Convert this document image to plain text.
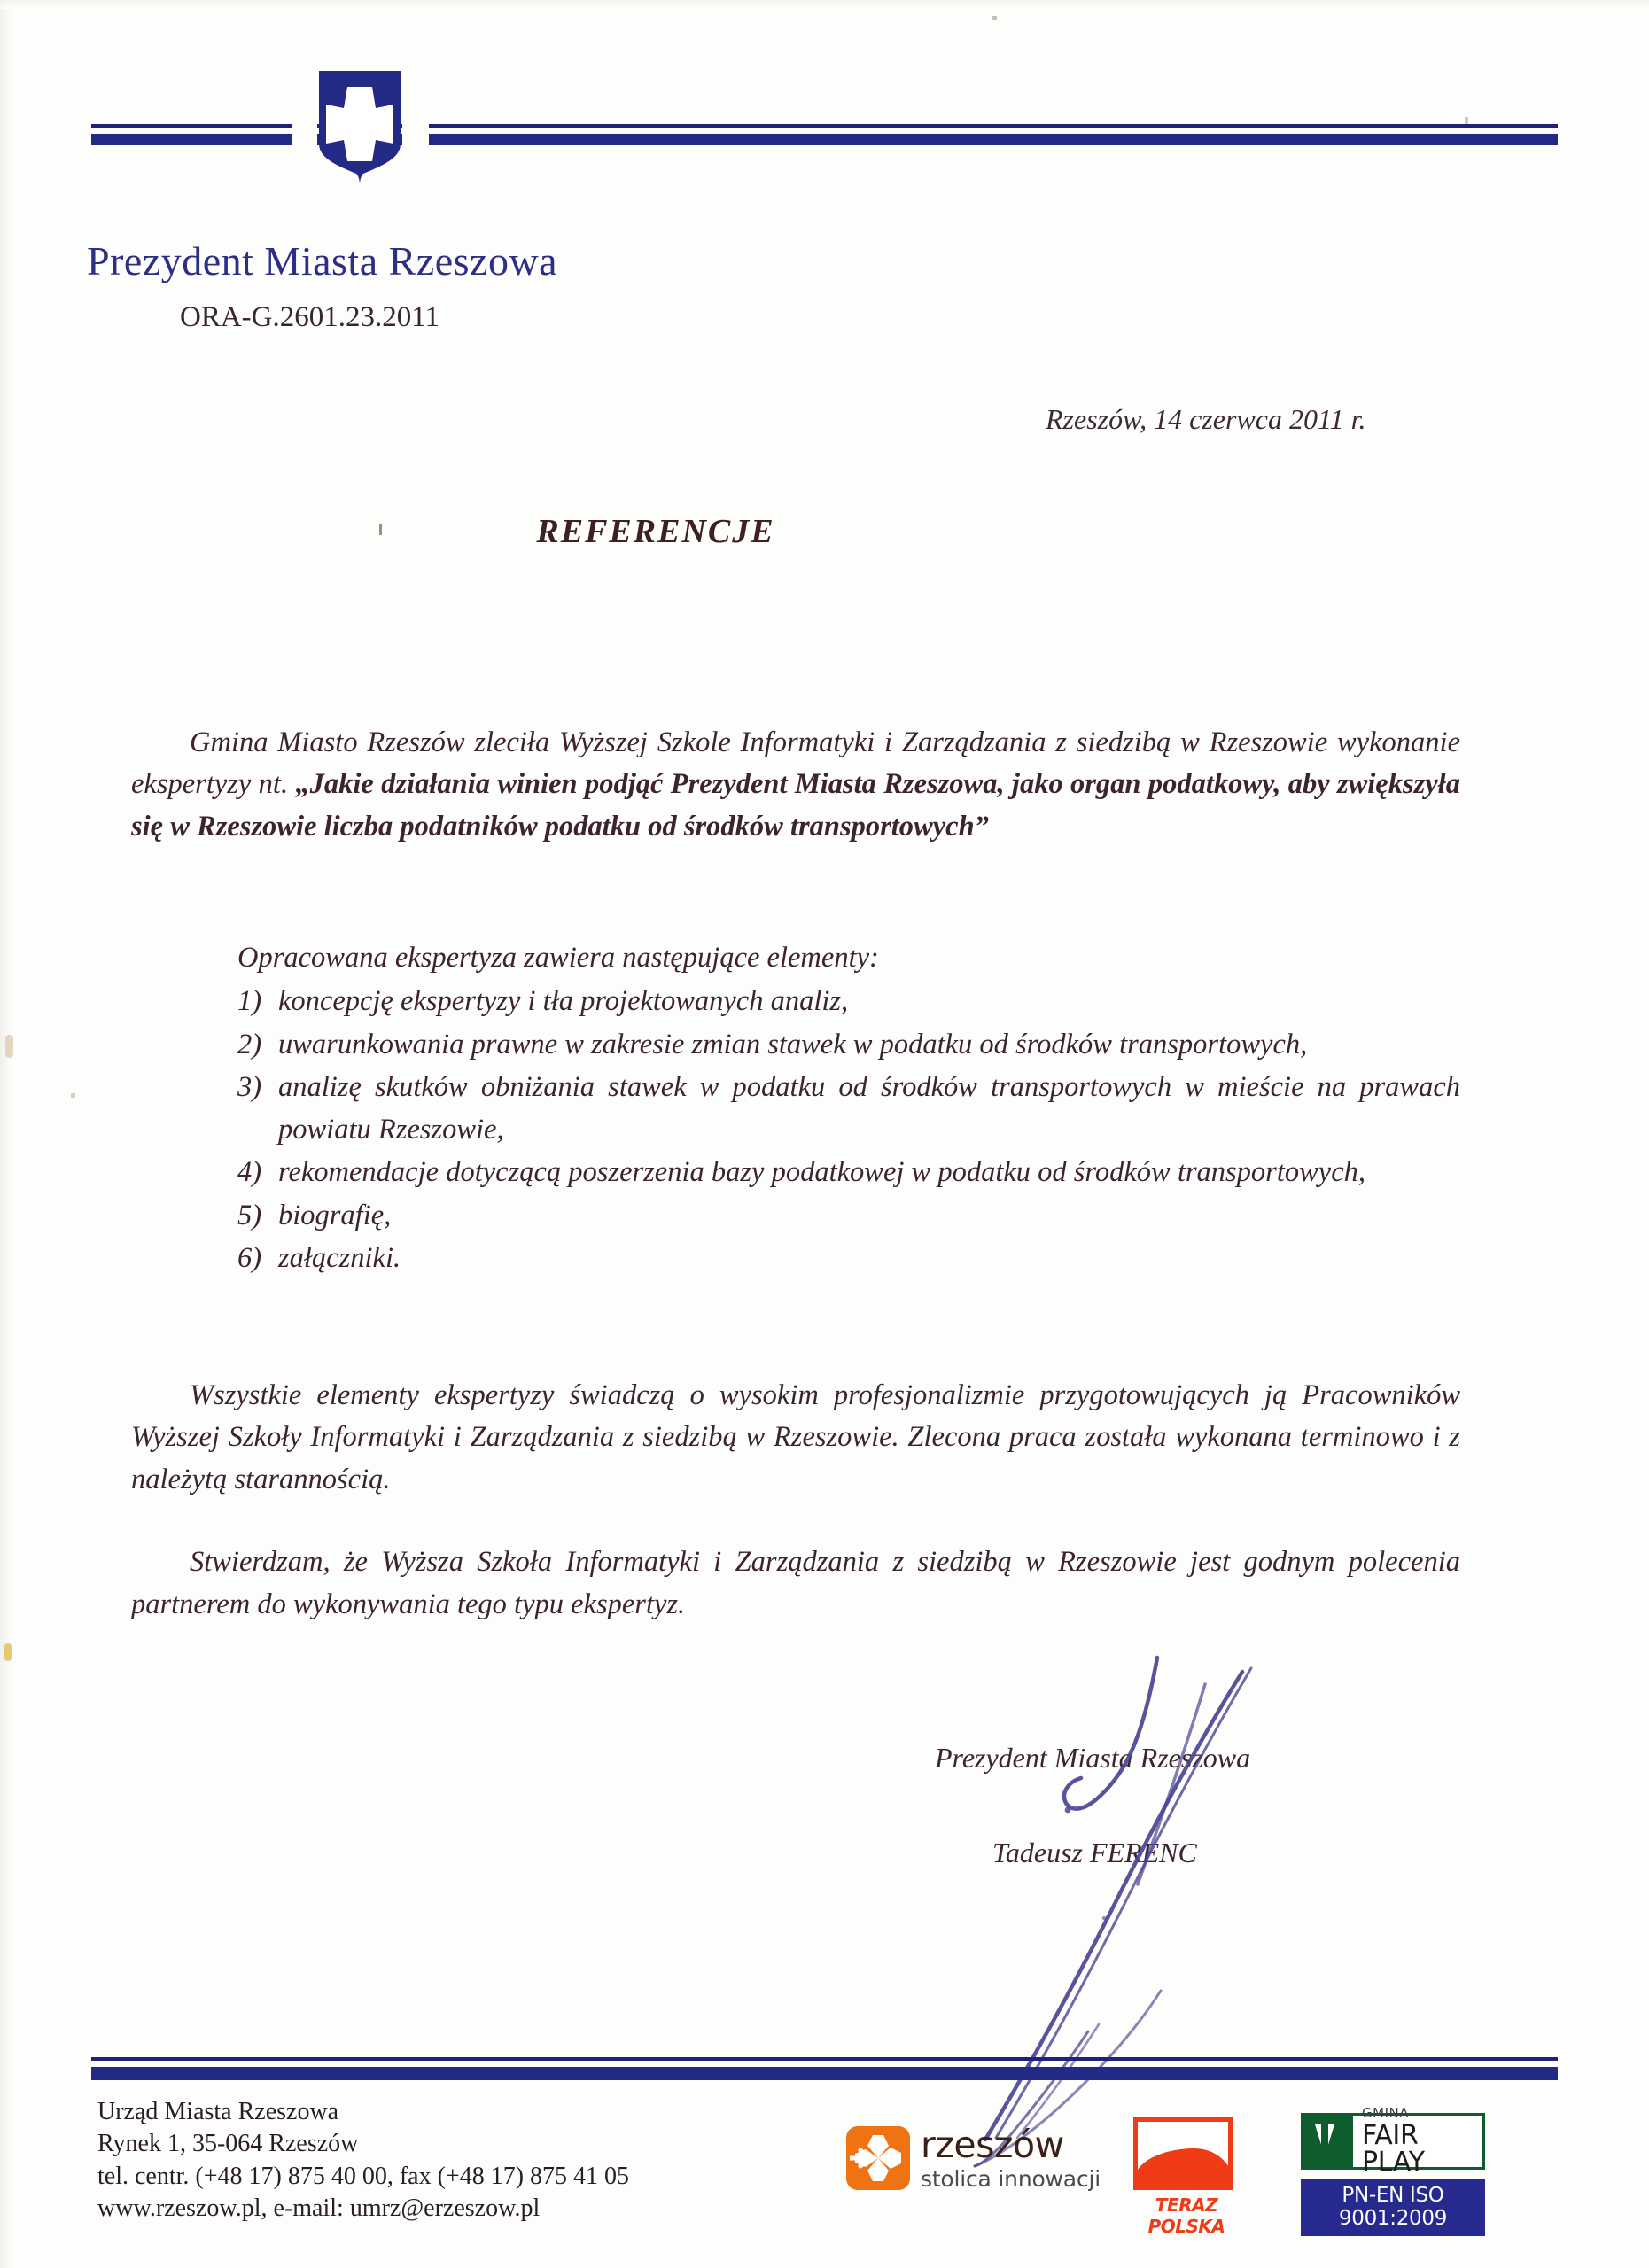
Prezydent Miasta Rzeszowa
ORA-G.2601.23.2011
Rzeszów, 14 czerwca 2011 r.
REFERENCJE

Gmina Miasto Rzeszów zleciła Wyższej Szkole Informatyki i Zarządzania z siedzibą w Rzeszowie wykonanie ekspertyzy nt. „Jakie działania winien podjąć Prezydent Miasta Rzeszowa, jako organ podatkowy, aby zwiększyła się w Rzeszowie liczba podatników podatku od środków transportowych”

Opracowana ekspertyza zawiera następujące elementy:
1) koncepcję ekspertyzy i tła projektowanych analiz,
2) uwarunkowania prawne w zakresie zmian stawek w podatku od środków transportowych,
3) analizę skutków obniżania stawek w podatku od środków transportowych w mieście na prawach powiatu Rzeszowie,
4) rekomendacje dotyczącą poszerzenia bazy podatkowej w podatku od środków transportowych,
5) biografię,
6) załączniki.

Wszystkie elementy ekspertyzy świadczą o wysokim profesjonalizmie przygotowujących ją Pracowników Wyższej Szkoły Informatyki i Zarządzania z siedzibą w Rzeszowie. Zlecona praca została wykonana terminowo i z należytą starannością.

Stwierdzam, że Wyższa Szkoła Informatyki i Zarządzania z siedzibą w Rzeszowie jest godnym polecenia partnerem do wykonywania tego typu ekspertyz.

Prezydent Miasta Rzeszowa
Tadeusz FERENC
Urząd Miasta Rzeszowa
Rynek 1, 35-064 Rzeszów
tel. centr. (+48 17) 875 40 00, fax (+48 17) 875 41 05
www.rzeszow.pl, e-mail: umrz@erzeszow.pl
rzeszów
stolica innowacji
TERAZ POLSKA
GMINA
FAIR PLAY
PN-EN ISO 9001:2009
